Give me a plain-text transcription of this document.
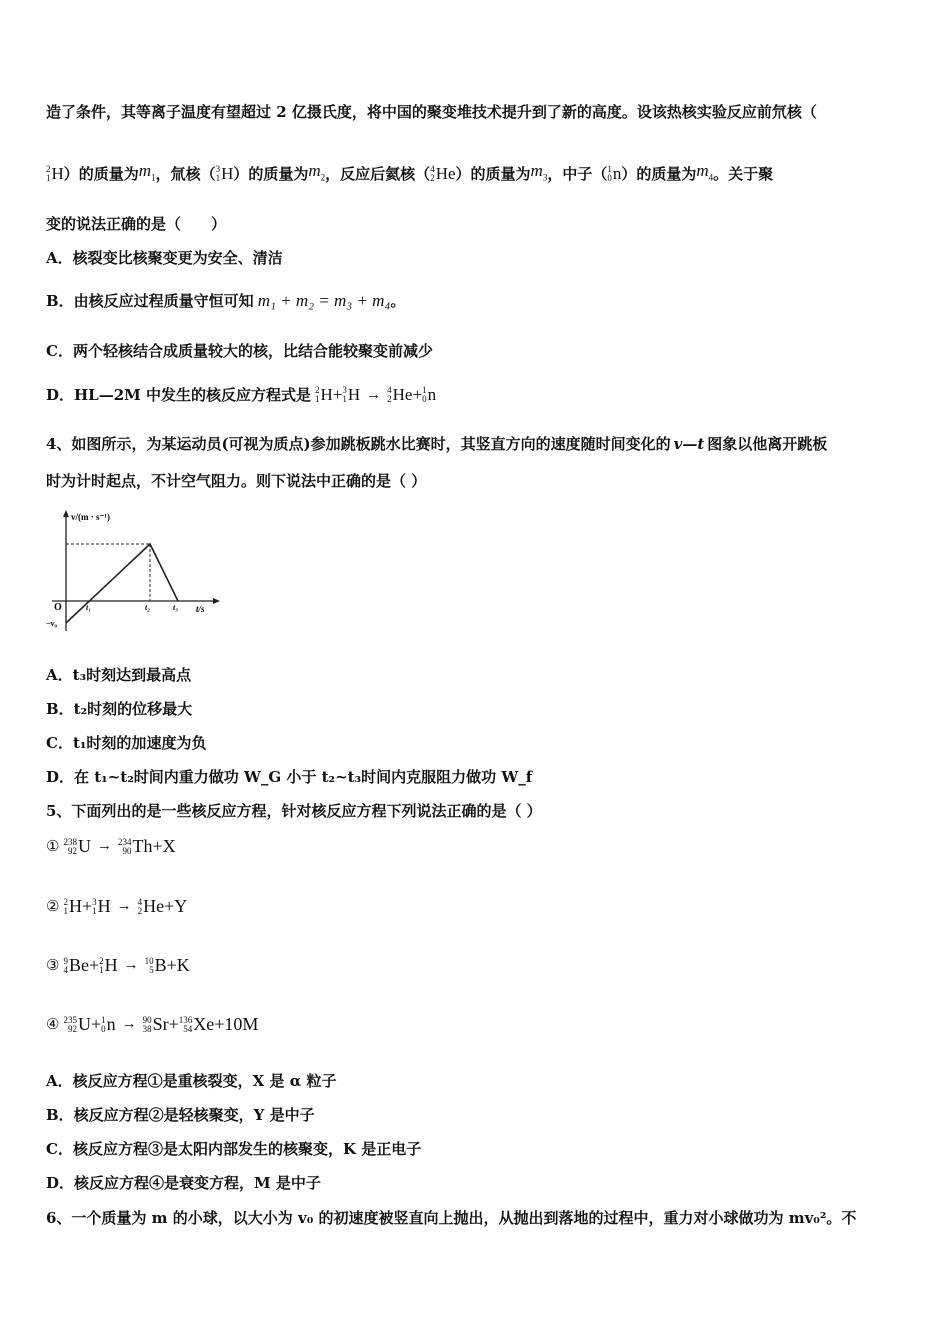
造了条件，其等离子温度有望超过 2 亿摄氏度，将中国的聚变堆技术提升到了新的高度。设该热核实验反应前氘核（
2
1 H ）的质量为 $m_1$ ，氚核（ 3
1 H ）的质量为 $m_2$ ，反应后氦核（ 4
2 He ）的质量为 $m_3$ ，中子（ 1
0 n ）的质量为 $m_4$ 。关于聚
变的说法正确的是（　　）
A．核裂变比核聚变更为安全、清洁
B．由核反应过程质量守恒可知 m₁ + m₂ = m₃ + m₄ 。
C．两个轻核结合成质量较大的核，比结合能较聚变前减少
D．HL—2M 中发生的核反应方程式是 2
1 H+ 3
1 H → 4
2 He+ 1
0 n
4、如图所示，为某运动员(可视为质点)参加跳板跳水比赛时，其竖直方向的速度随时间变化的 v—t 图象以他离开跳板
时为计时起点，不计空气阻力。则下说法中正确的是（ ）
v/(m · s⁻¹)
t/s
O
−v₀
t₁	t₂	t₃
A．t₃时刻达到最高点
B．t₂时刻的位移最大
C．t₁时刻的加速度为负
D．在 t₁~t₂时间内重力做功 W_G 小于 t₂~t₃时间内克服阻力做功 W_f
5、下面列出的是一些核反应方程，针对核反应方程下列说法正确的是（ ）
① 238
92 U → 234
90 Th+X
② 2
1 H+ 3
1 H → 4
2 He+Y
③ 9
4 Be+ 2
1 H → 10
5 B+K
④ 235
92 U+ 1
0 n → 90
38 Sr+ 136
54 Xe+10M
A．核反应方程①是重核裂变，X 是 α 粒子
B．核反应方程②是轻核聚变，Y 是中子
C．核反应方程③是太阳内部发生的核聚变，K 是正电子
D．核反应方程④是衰变方程，M 是中子
6、一个质量为 m 的小球，以大小为 v₀ 的初速度被竖直向上抛出，从抛出到落地的过程中，重力对小球做功为 mv₀²。不
